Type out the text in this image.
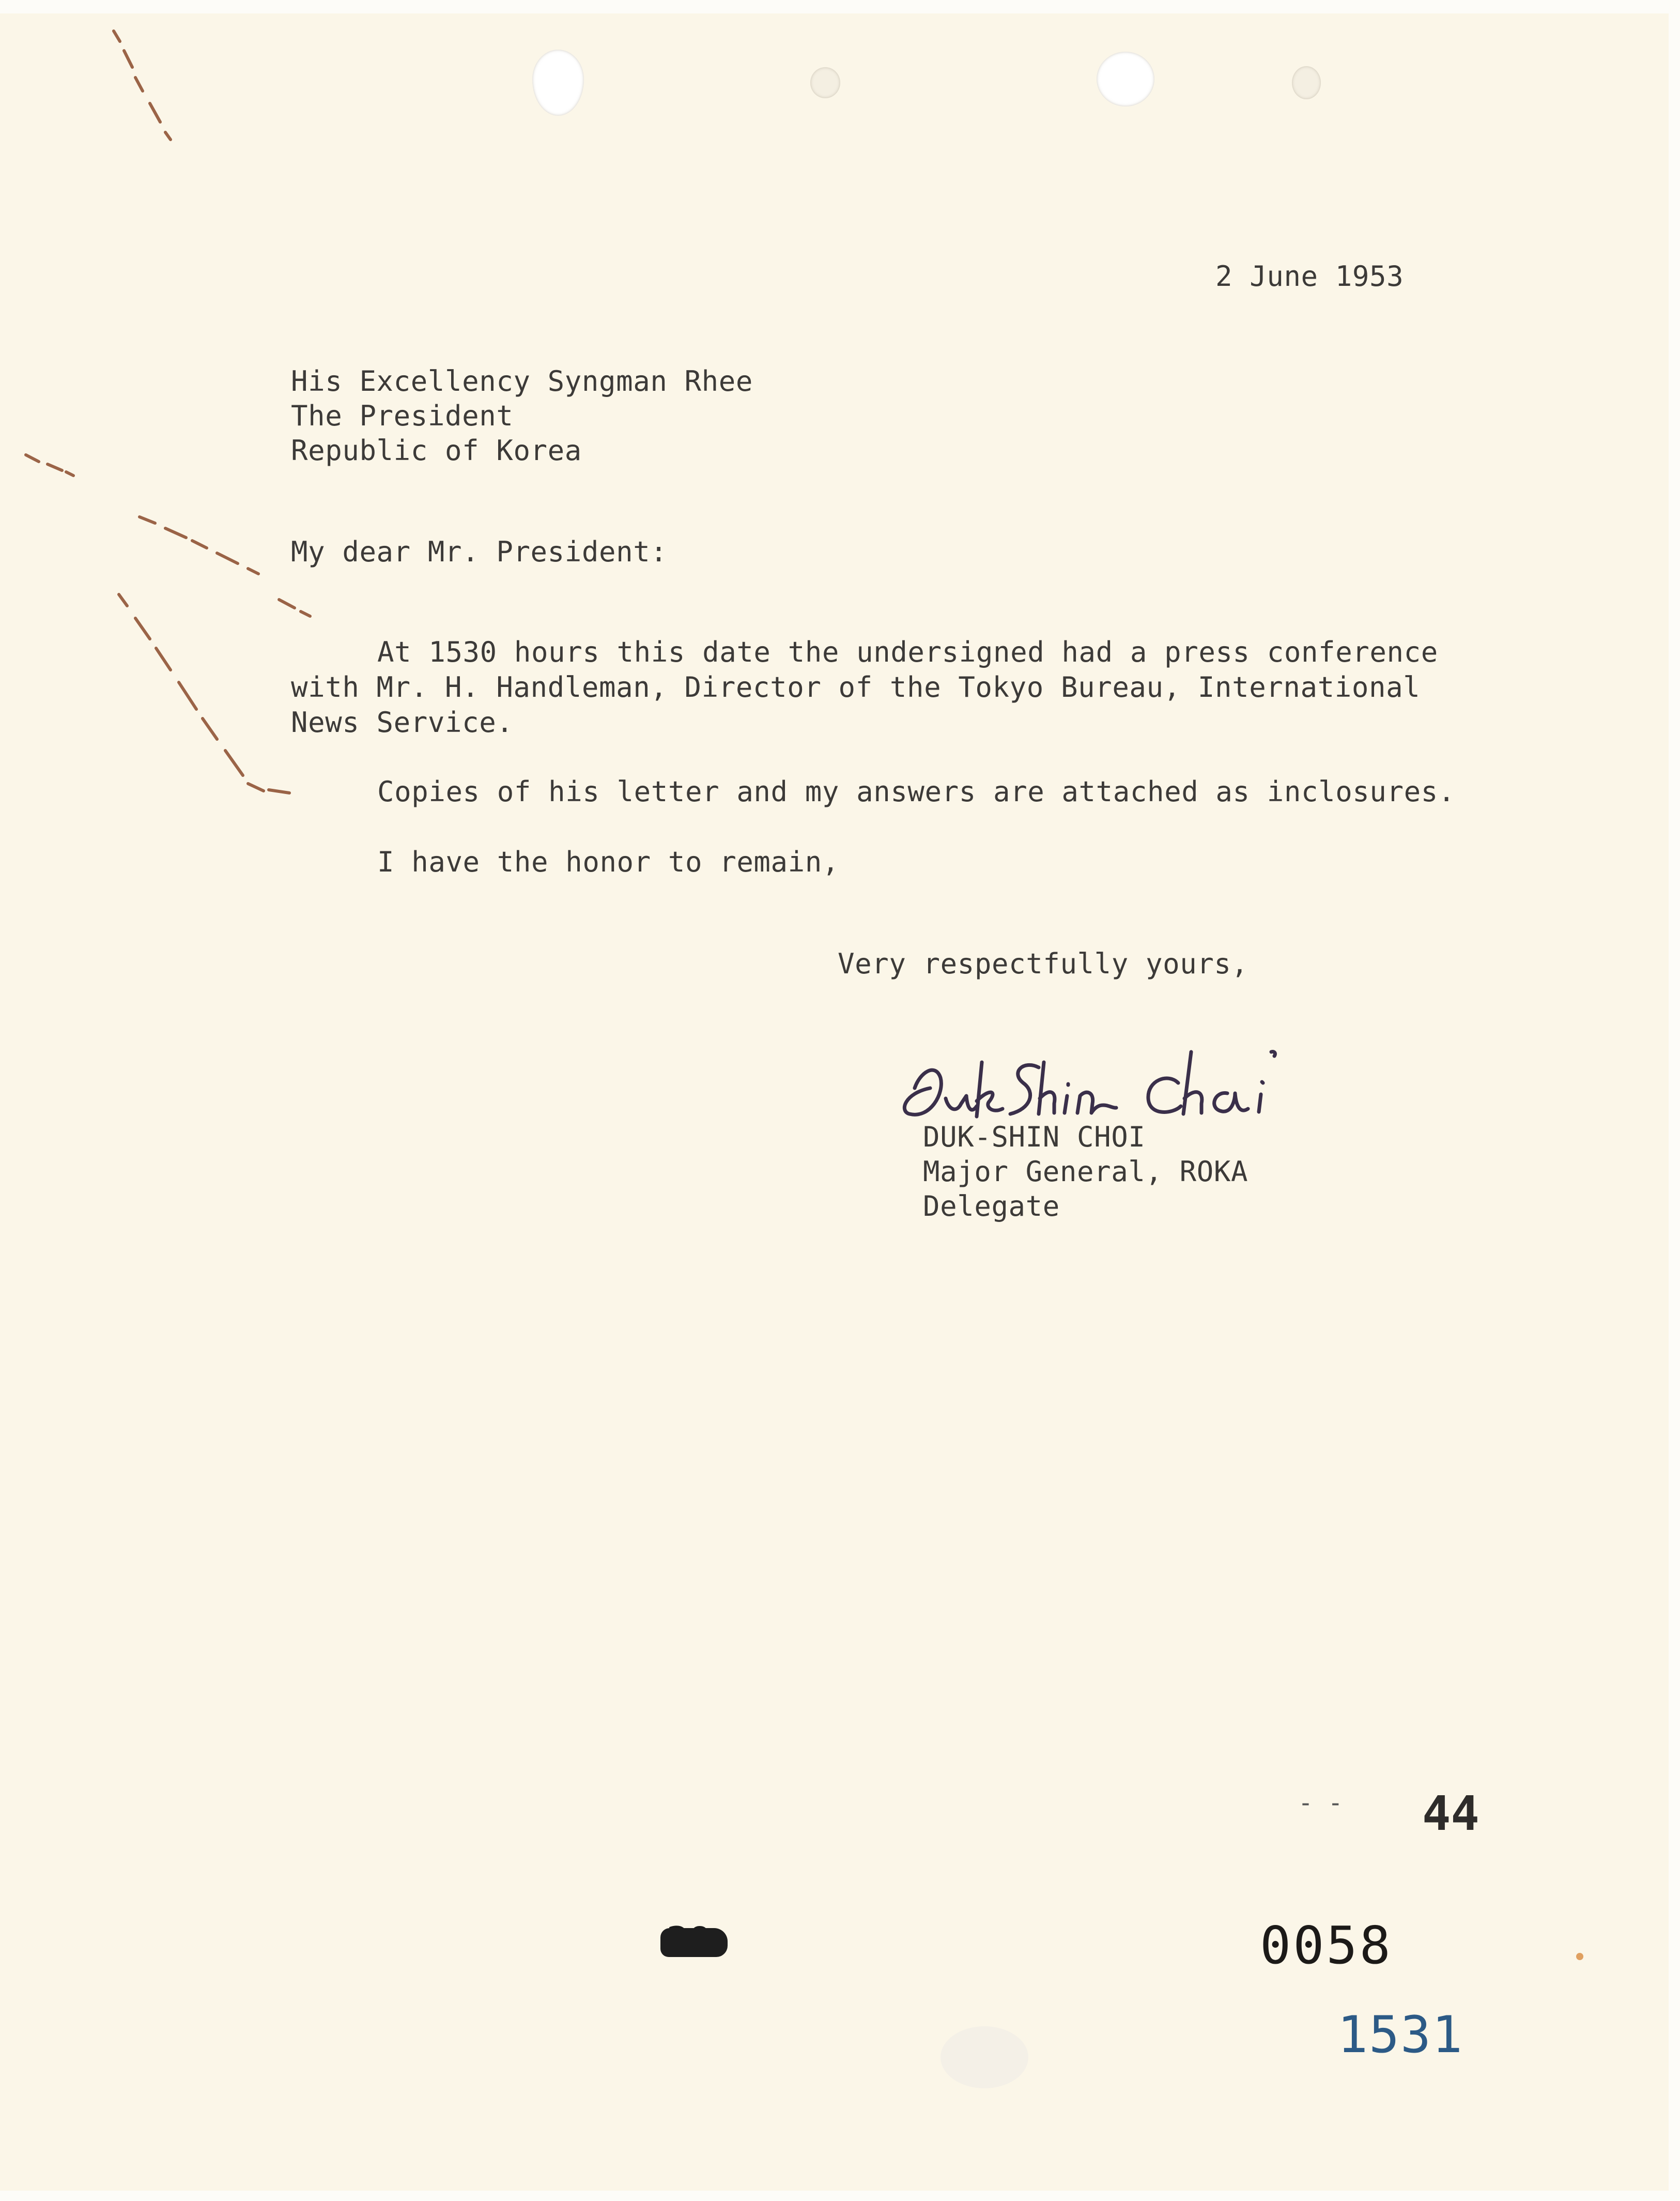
2 June 1953
His Excellency Syngman Rhee
The President
Republic of Korea
My dear Mr. President:
At 1530 hours this date the undersigned had a press conference
with Mr. H. Handleman, Director of the Tokyo Bureau, International
News Service.
Copies of his letter and my answers are attached as inclosures.
I have the honor to remain,
Very respectfully yours,
DUK-SHIN CHOI
Major General, ROKA
Delegate
- - 44
0058
1531
